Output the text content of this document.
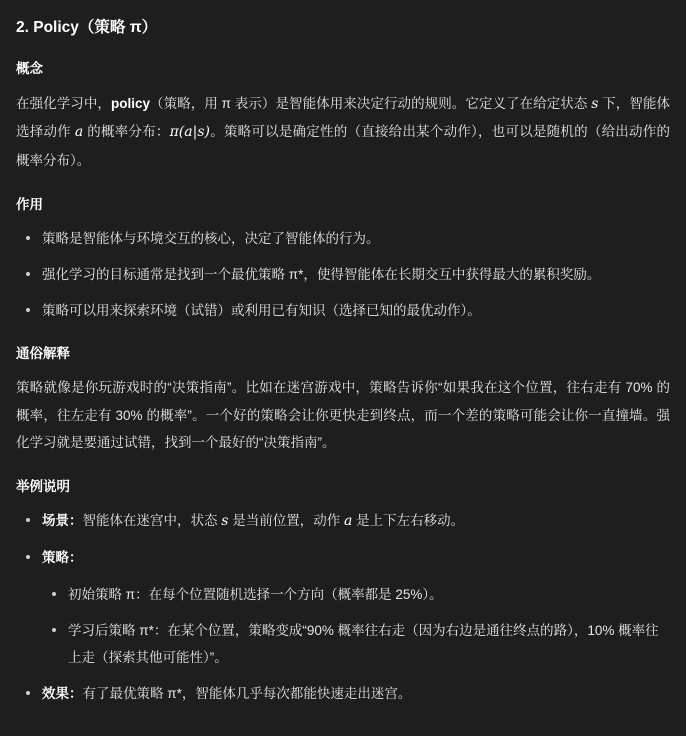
2. Policy（策略 π）
概念

在强化学习中，policy（策略，用 π 表示）是智能体用来决定行动的规则。它定义了在给定状态 s 下，智能体选择动作 a 的概率分布：π(a|s)。策略可以是确定性的（直接给出某个动作），也可以是随机的（给出动作的概率分布）。

作用
策略是智能体与环境交互的核心，决定了智能体的行为。
强化学习的目标通常是找到一个最优策略 π*，使得智能体在长期交互中获得最大的累积奖励。
策略可以用来探索环境（试错）或利用已有知识（选择已知的最优动作）。
通俗解释

策略就像是你玩游戏时的“决策指南”。比如在迷宫游戏中，策略告诉你“如果我在这个位置，往右走有 70% 的概率，往左走有 30% 的概率”。一个好的策略会让你更快走到终点，而一个差的策略可能会让你一直撞墙。强化学习就是要通过试错，找到一个最好的“决策指南”。

举例说明
场景：智能体在迷宫中，状态 s 是当前位置，动作 a 是上下左右移动。
策略：
初始策略 π：在每个位置随机选择一个方向（概率都是 25%）。
学习后策略 π*：在某个位置，策略变成“90% 概率往右走（因为右边是通往终点的路），10% 概率往上走（探索其他可能性）”。
效果：有了最优策略 π*，智能体几乎每次都能快速走出迷宫。
